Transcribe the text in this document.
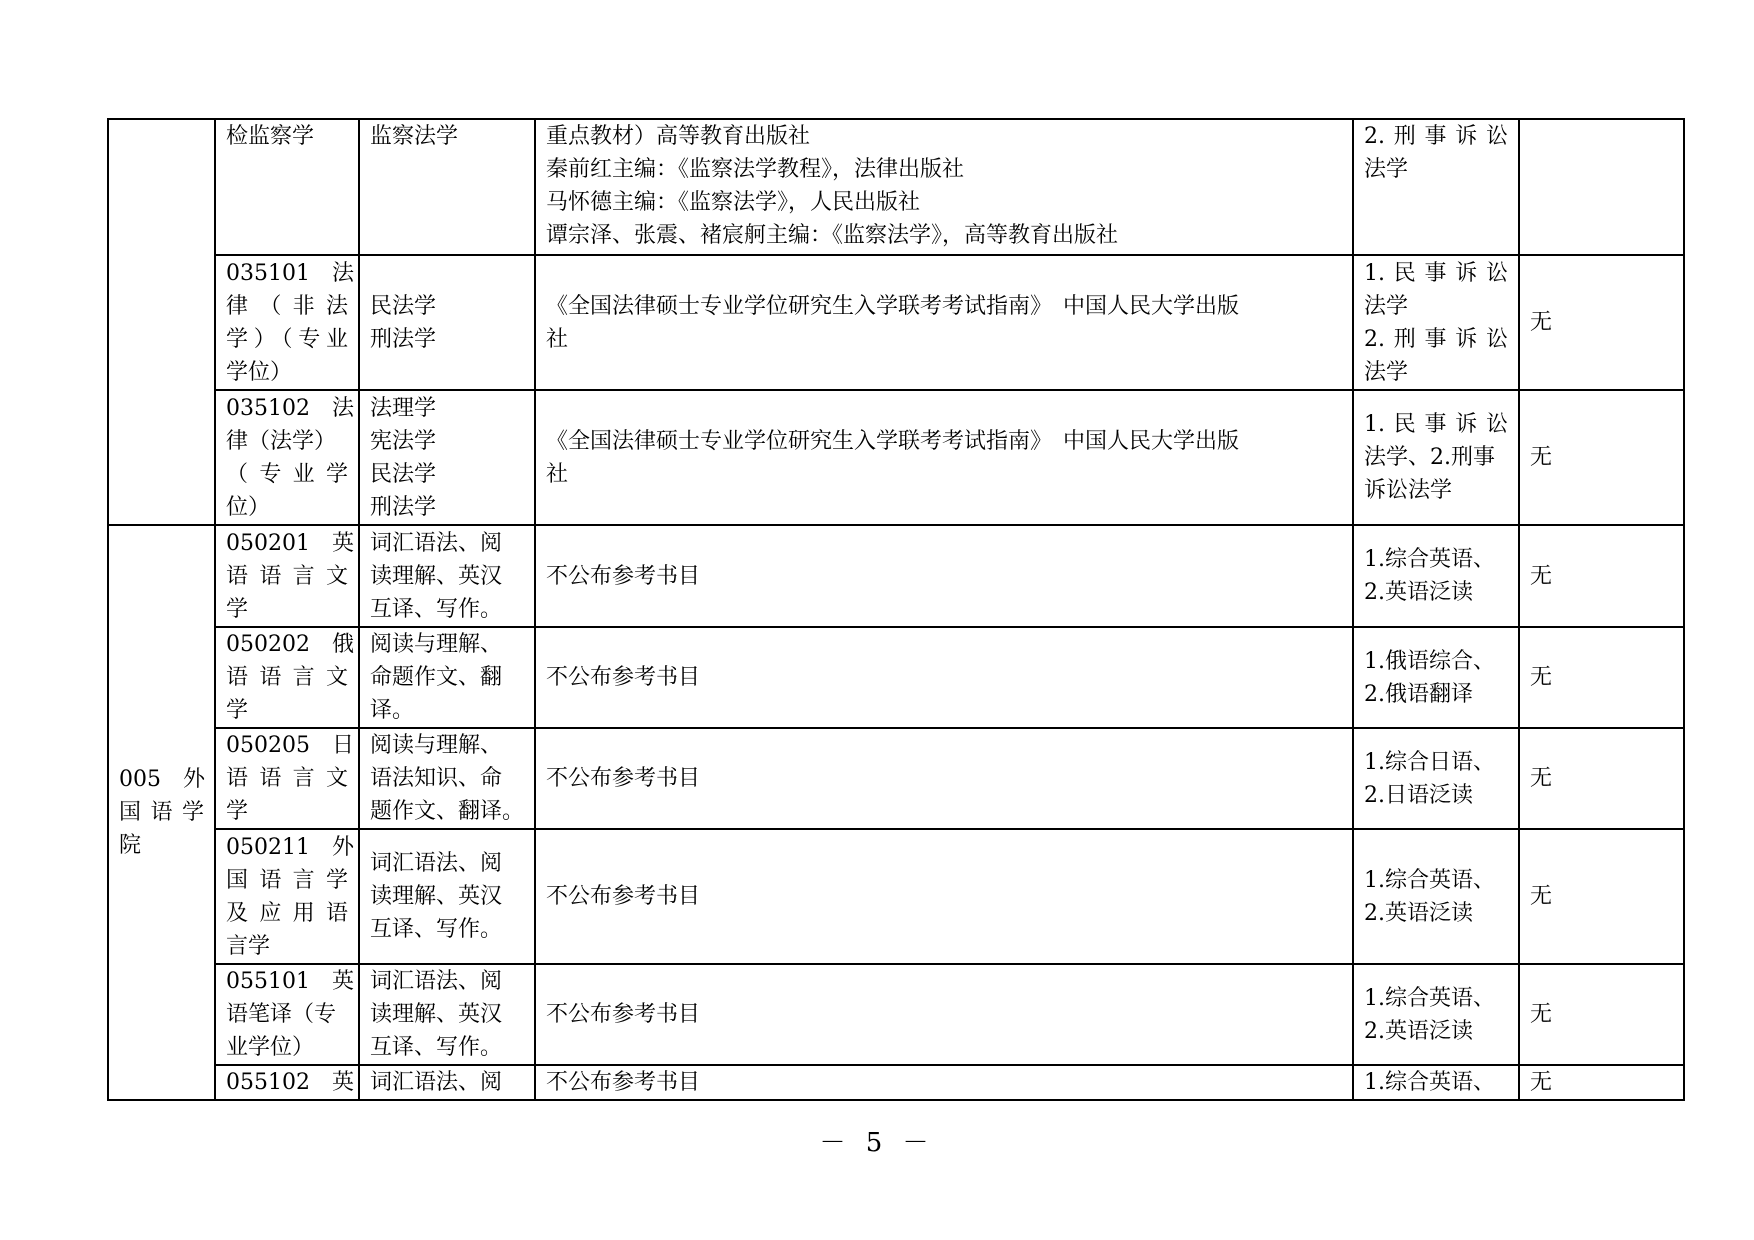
	检监察学	监察法学	重点教材）高等教育出版社
秦前红主编：《监察法学教程》，法律出版社
马怀德主编：《监察法学》，人民出版社
谭宗泽、张震、褚宸舸主编：《监察法学》，高等教育出版社	2.刑事诉讼
法学	

	035101　法
律（非法
学）（专业
学位）	民法学
刑法学	《全国法律硕士专业学位研究生入学联考考试指南》　中国人民大学出版
社	1.民事诉讼
法学
2.刑事诉讼
法学	无

	035102　法
律（法学）
（专业学
位）	法理学
宪法学
民法学
刑法学	《全国法律硕士专业学位研究生入学联考考试指南》　中国人民大学出版
社	1.民事诉讼
法学、2.刑事
诉讼法学	无

005　外
国语学
院	050201　英
语语言文
学	词汇语法、阅
读理解、英汉
互译、写作。	不公布参考书目	1.综合英语、
2.英语泛读	无

	050202　俄
语语言文
学	阅读与理解、
命题作文、翻
译。	不公布参考书目	1.俄语综合、
2.俄语翻译	无

	050205　日
语语言文
学	阅读与理解、
语法知识、命
题作文、翻译。	不公布参考书目	1.综合日语、
2.日语泛读	无

	050211　外
国语言学
及应用语
言学	词汇语法、阅
读理解、英汉
互译、写作。	不公布参考书目	1.综合英语、
2.英语泛读	无

	055101　英
语笔译（专
业学位）	词汇语法、阅
读理解、英汉
互译、写作。	不公布参考书目	1.综合英语、
2.英语泛读	无

	055102　英	词汇语法、阅	不公布参考书目	1.综合英语、	无
－ 5 －
